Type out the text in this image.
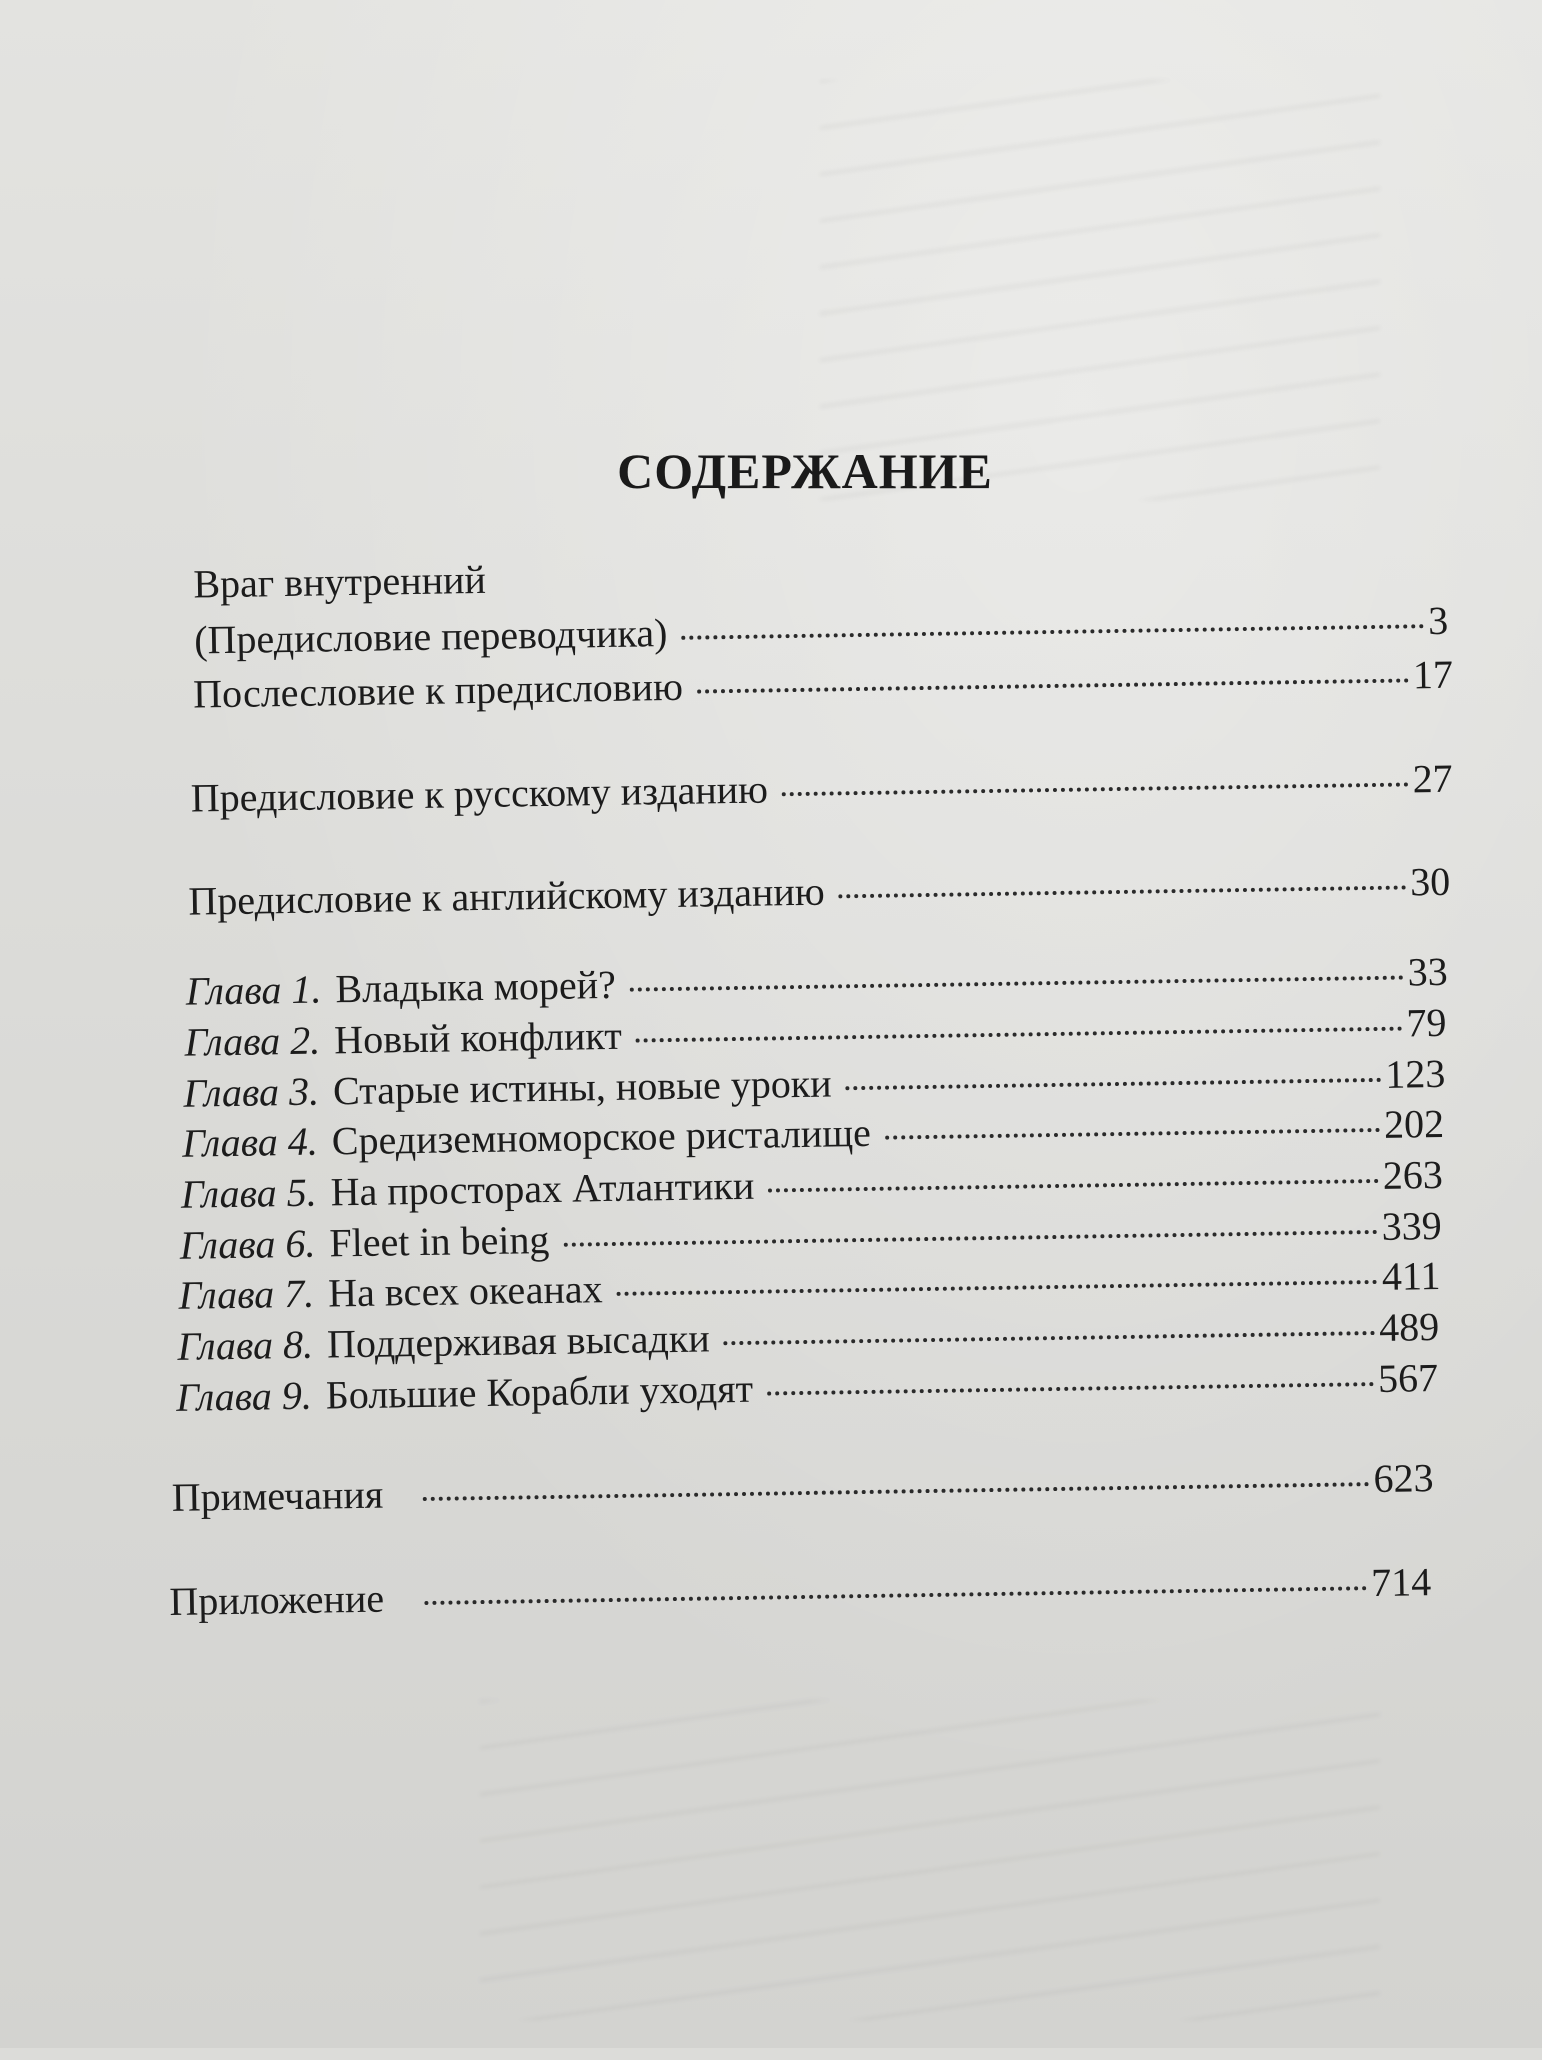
СОДЕРЖАНИЕ
Враг внутренний
(Предисловие переводчика)	3
Послесловие к предисловию	17
Предисловие к русскому изданию	27
Предисловие к английскому изданию	30
Глава 1. Владыка морей?	33
Глава 2. Новый конфликт	79
Глава 3. Старые истины, новые уроки	123
Глава 4. Средиземноморское ристалище	202
Глава 5. На просторах Атлантики	263
Глава 6. Fleet in being	339
Глава 7. На всех океанах	411
Глава 8. Поддерживая высадки	489
Глава 9. Большие Корабли уходят	567
Примечания	623
Приложение	714
